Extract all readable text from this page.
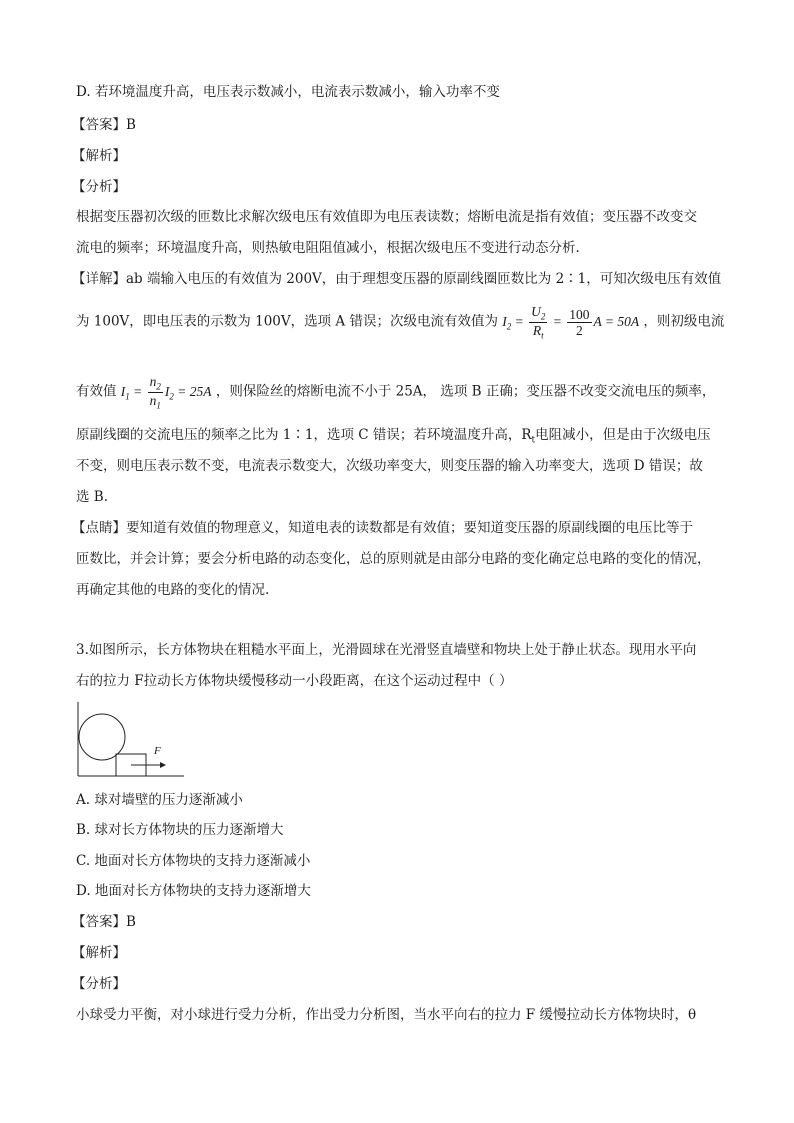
D. 若环境温度升高，电压表示数减小，电流表示数减小，输入功率不变
【答案】B
【解析】
【分析】
根据变压器初次级的匝数比求解次级电压有效值即为电压表读数；熔断电流是指有效值；变压器不改变交
流电的频率；环境温度升高，则热敏电阻阻值减小，根据次级电压不变进行动态分析.
【详解】ab 端输入电压的有效值为 200V，由于理想变压器的原副线圈匝数比为 2∶1，可知次级电压有效值
为 100V，即电压表的示数为 100V，选项 A 错误；次级电流有效值为 $I_2 = \frac{U_2}{R_t} = \frac{100}{2}$ A = 50A ，则初级电流
有效值 $I_1 = \frac{n_2}{n_1} I_2 = 25A$ ，则保险丝的熔断电流不小于 25A， 选项 B 正确；变压器不改变交流电压的频率，
原副线圈的交流电压的频率之比为 1∶1，选项 C 错误；若环境温度升高，$R_t$电阻减小，但是由于次级电压
不变，则电压表示数不变，电流表示数变大，次级功率变大，则变压器的输入功率变大，选项 D 错误；故
选 B.
【点睛】要知道有效值的物理意义，知道电表的读数都是有效值；要知道变压器的原副线圈的电压比等于
匝数比，并会计算；要会分析电路的动态变化，总的原则就是由部分电路的变化确定总电路的变化的情况，
再确定其他的电路的变化的情况.
3.如图所示，长方体物块在粗糙水平面上，光滑圆球在光滑竖直墙壁和物块上处于静止状态。现用水平向
右的拉力 F拉动长方体物块缓慢移动一小段距离，在这个运动过程中（ ）
F
A. 球对墙壁的压力逐渐减小
B. 球对长方体物块的压力逐渐增大
C. 地面对长方体物块的支持力逐渐减小
D. 地面对长方体物块的支持力逐渐增大
【答案】B
【解析】
【分析】
小球受力平衡，对小球进行受力分析，作出受力分析图，当水平向右的拉力 F 缓慢拉动长方体物块时，θ
